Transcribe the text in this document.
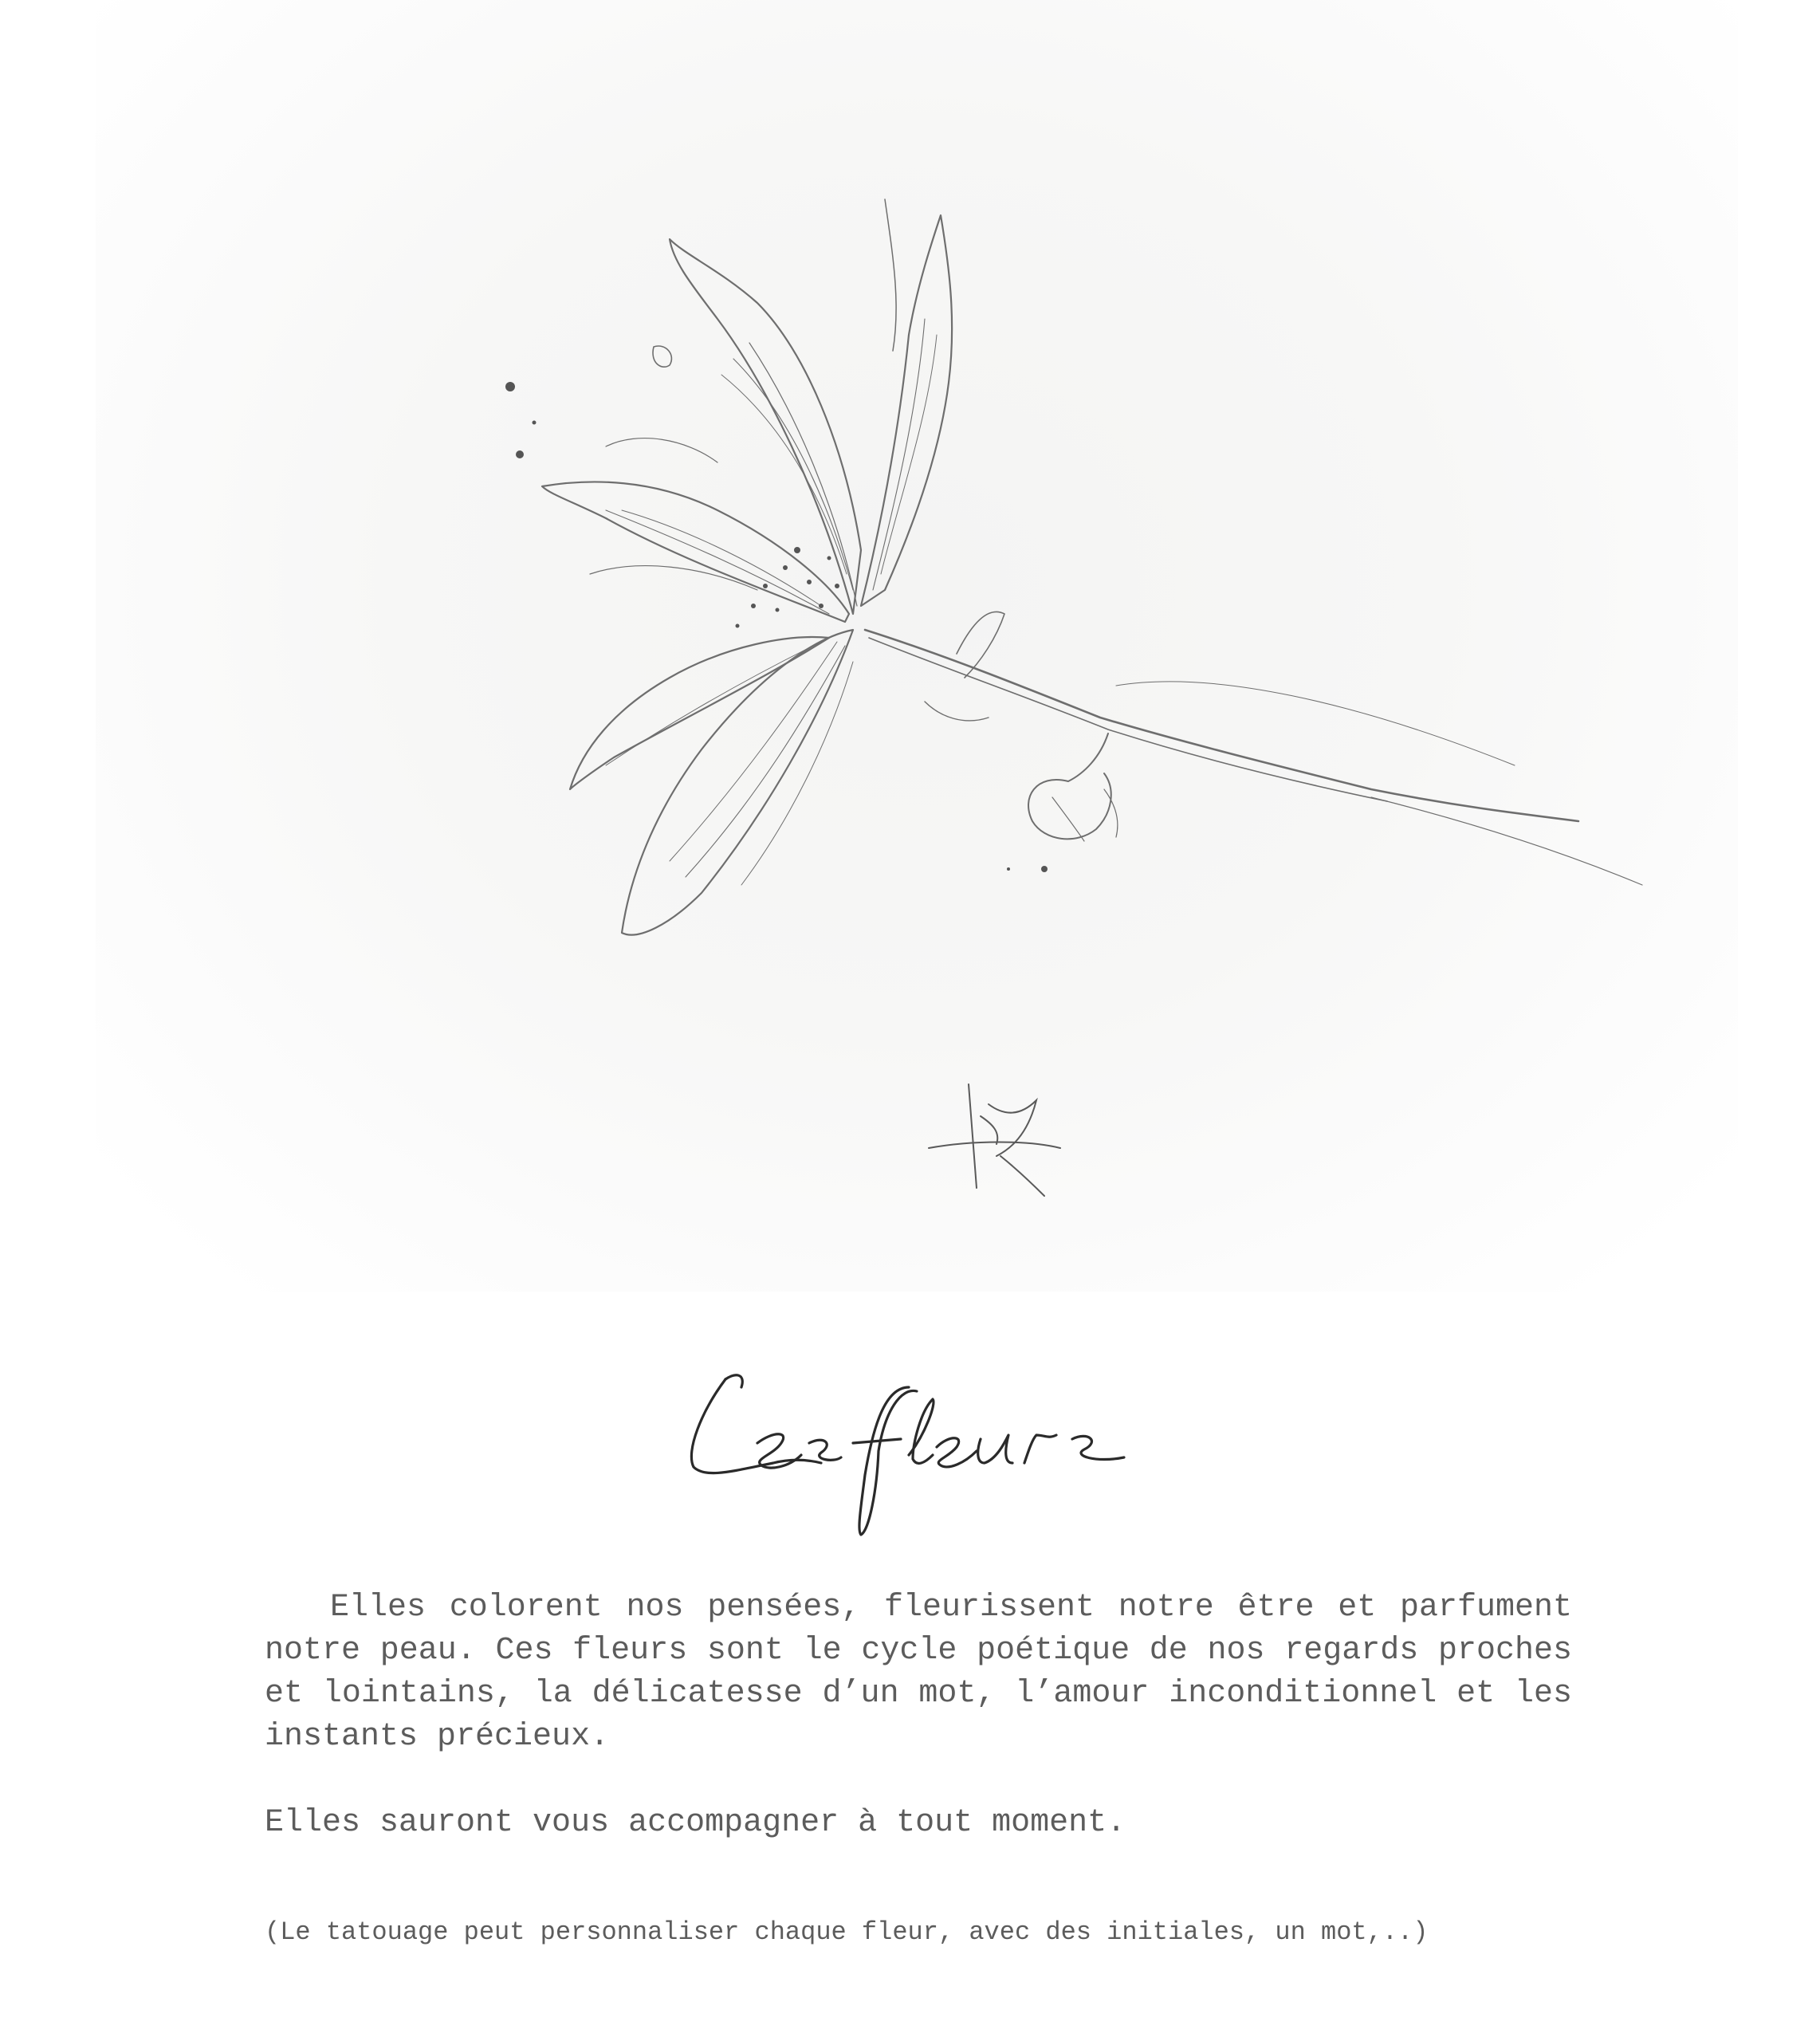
Elles colorent nos pensées, fleurissent notre être et parfument notre peau. Ces fleurs sont le cycle poétique de nos regards proches et lointains, la délicatesse d’un mot, l’amour inconditionnel et les instants précieux.

Elles sauront vous accompagner à tout moment.

(Le tatouage peut personnaliser chaque fleur, avec des initiales, un mot,..)
